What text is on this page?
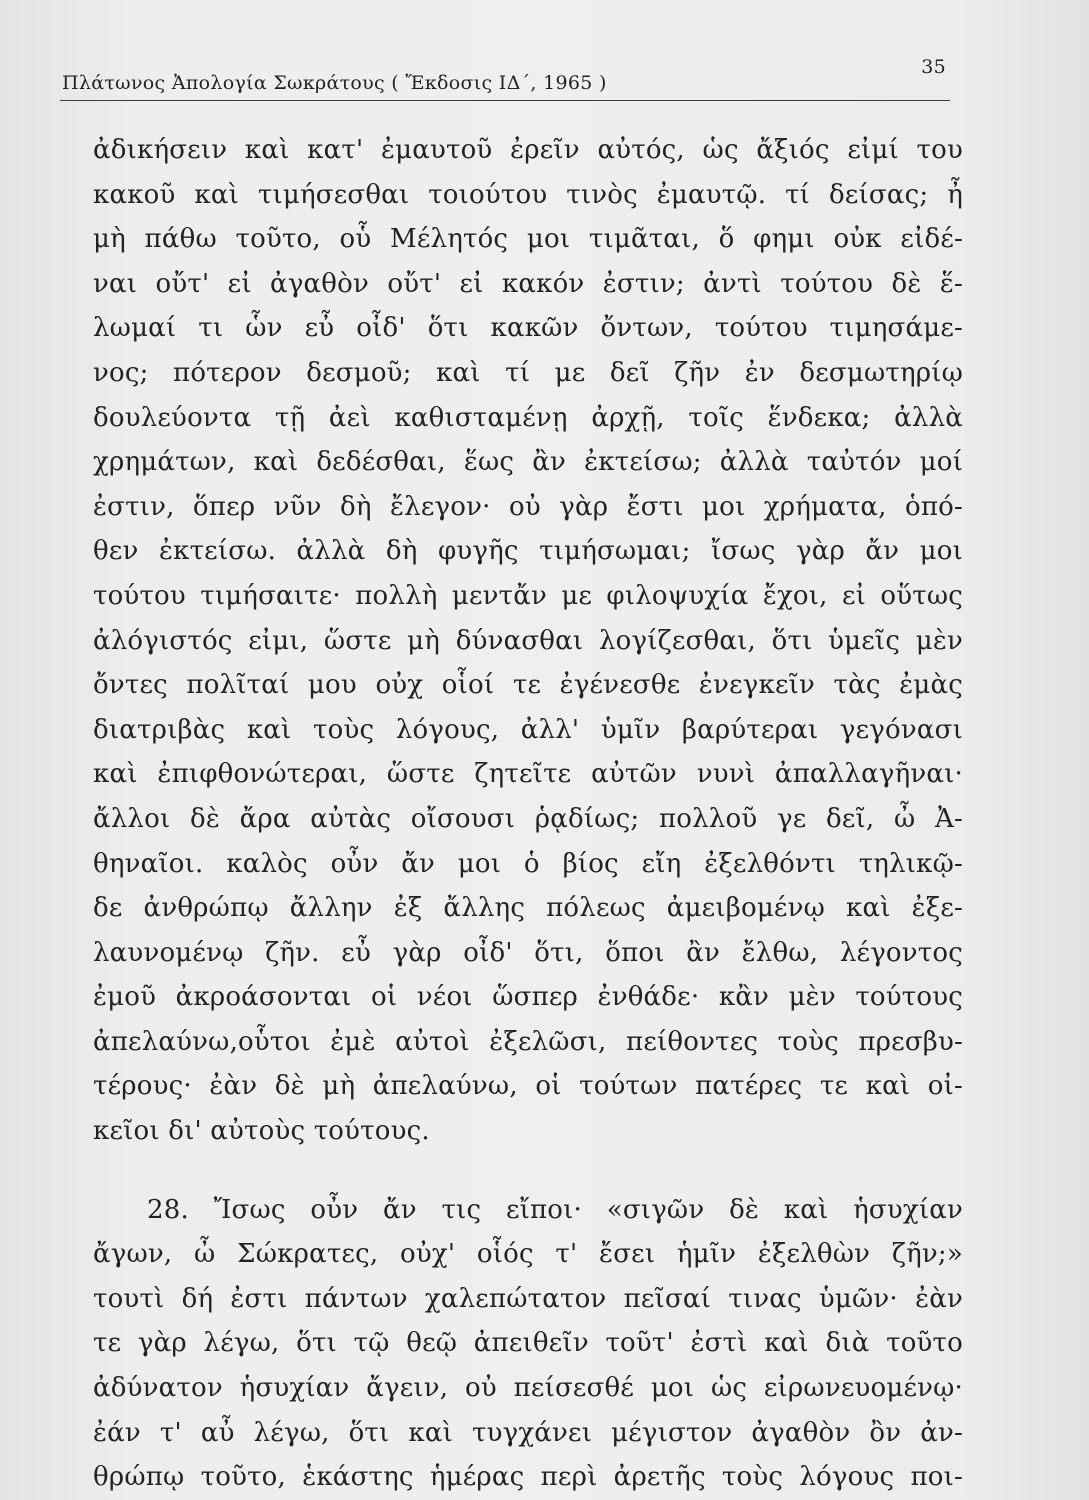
Πλάτωνος Ἀπολογία Σωκράτους ( Ἔκδοσις ΙΔ΄, 1965 )
35
ἀδικήσειν καὶ κατ' ἐμαυτοῦ ἐρεῖν αὐτός, ὡς ἄξιός εἰμί του
κακοῦ καὶ τιμήσεσθαι τοιούτου τινὸς ἐμαυτῷ. τί δείσας; ἦ
μὴ πάθω τοῦτο, οὗ Μέλητός μοι τιμᾶται, ὅ φημι οὐκ εἰδέ-
ναι οὔτ' εἰ ἀγαθὸν οὔτ' εἰ κακόν ἐστιν; ἀντὶ τούτου δὲ ἕ-
λωμαί τι ὧν εὖ οἶδ' ὅτι κακῶν ὄντων, τούτου τιμησάμε-
νος; πότερον δεσμοῦ; καὶ τί με δεῖ ζῆν ἐν δεσμωτηρίῳ
δουλεύοντα τῇ ἀεὶ καθισταμένῃ ἀρχῇ, τοῖς ἕνδεκα; ἀλλὰ
χρημάτων, καὶ δεδέσθαι, ἕως ἂν ἐκτείσω; ἀλλὰ ταὐτόν μοί
ἐστιν, ὅπερ νῦν δὴ ἔλεγον· οὐ γὰρ ἔστι μοι χρήματα, ὁπό-
θεν ἐκτείσω. ἀλλὰ δὴ φυγῆς τιμήσωμαι; ἴσως γὰρ ἄν μοι
τούτου τιμήσαιτε· πολλὴ μεντἄν με φιλοψυχία ἔχοι, εἰ οὕτως
ἀλόγιστός εἰμι, ὥστε μὴ δύνασθαι λογίζεσθαι, ὅτι ὑμεῖς μὲν
ὄντες πολῖταί μου οὐχ οἷοί τε ἐγένεσθε ἐνεγκεῖν τὰς ἐμὰς
διατριβὰς καὶ τοὺς λόγους, ἀλλ' ὑμῖν βαρύτεραι γεγόνασι
καὶ ἐπιφθονώτεραι, ὥστε ζητεῖτε αὐτῶν νυνὶ ἀπαλλαγῆναι·
ἄλλοι δὲ ἄρα αὐτὰς οἴσουσι ῥᾳδίως; πολλοῦ γε δεῖ, ὦ Ἀ-
θηναῖοι. καλὸς οὖν ἄν μοι ὁ βίος εἴη ἐξελθόντι τηλικῷ-
δε ἀνθρώπῳ ἄλλην ἐξ ἄλλης πόλεως ἀμειβομένῳ καὶ ἐξε-
λαυνομένῳ ζῆν. εὖ γὰρ οἶδ' ὅτι, ὅποι ἂν ἔλθω, λέγοντος
ἐμοῦ ἀκροάσονται οἱ νέοι ὥσπερ ἐνθάδε· κἂν μὲν τούτους
ἀπελαύνω,οὗτοι ἐμὲ αὐτοὶ ἐξελῶσι, πείθοντες τοὺς πρεσβυ-
τέρους· ἐὰν δὲ μὴ ἀπελαύνω, οἱ τούτων πατέρες τε καὶ οἰ-
κεῖοι δι' αὐτοὺς τούτους.
28. Ἴσως οὖν ἄν τις εἴποι· «σιγῶν δὲ καὶ ἡσυχίαν
ἄγων, ὦ Σώκρατες, οὐχ' οἷός τ' ἔσει ἡμῖν ἐξελθὼν ζῆν;»
τουτὶ δή ἐστι πάντων χαλεπώτατον πεῖσαί τινας ὑμῶν· ἐὰν
τε γὰρ λέγω, ὅτι τῷ θεῷ ἀπειθεῖν τοῦτ' ἐστὶ καὶ διὰ τοῦτο
ἀδύνατον ἡσυχίαν ἄγειν, οὐ πείσεσθέ μοι ὡς εἰρωνευομένῳ·
ἐάν τ' αὖ λέγω, ὅτι καὶ τυγχάνει μέγιστον ἀγαθὸν ὂν ἀν-
θρώπῳ τοῦτο, ἑκάστης ἡμέρας περὶ ἀρετῆς τοὺς λόγους ποι-
